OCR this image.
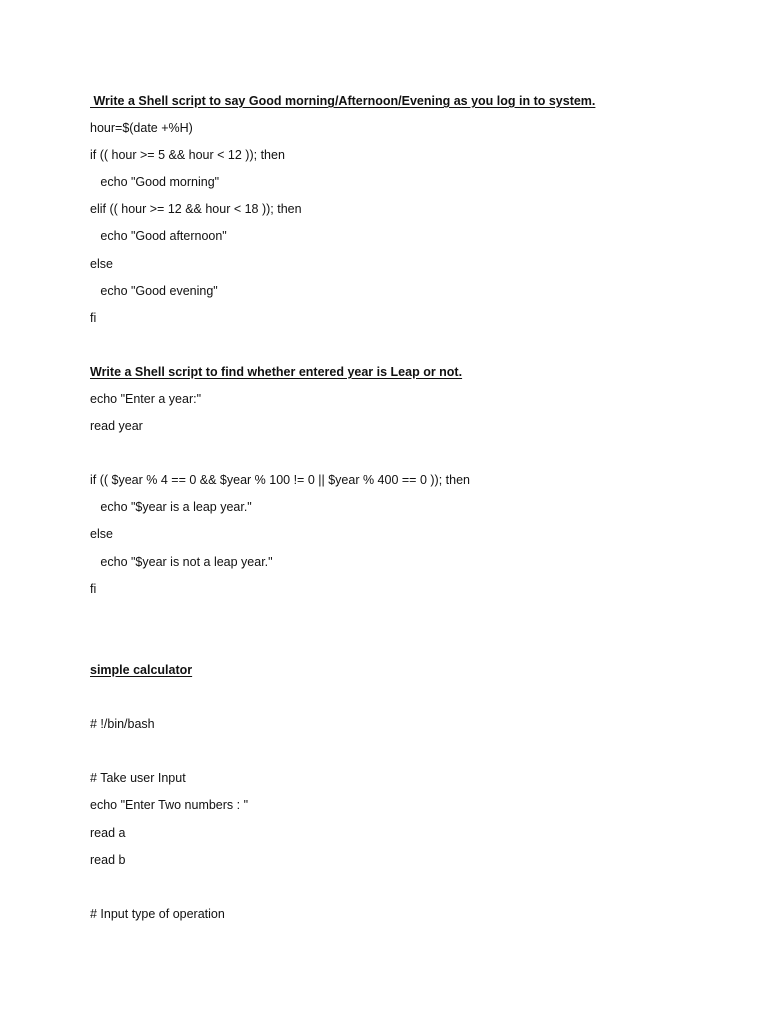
Write a Shell script to say Good morning/Afternoon/Evening as you log in to system.

hour=$(date +%H)

if (( hour >= 5 && hour < 12 )); then

echo "Good morning"

elif (( hour >= 12 && hour < 18 )); then

echo "Good afternoon"

else

echo "Good evening"

fi

Write a Shell script to find whether entered year is Leap or not.

echo "Enter a year:"

read year

if (( $year % 4 == 0 && $year % 100 != 0 || $year % 400 == 0 )); then

echo "$year is a leap year."

else

echo "$year is not a leap year."

fi

simple calculator

# !/bin/bash

# Take user Input

echo "Enter Two numbers : "

read a

read b

# Input type of operation
